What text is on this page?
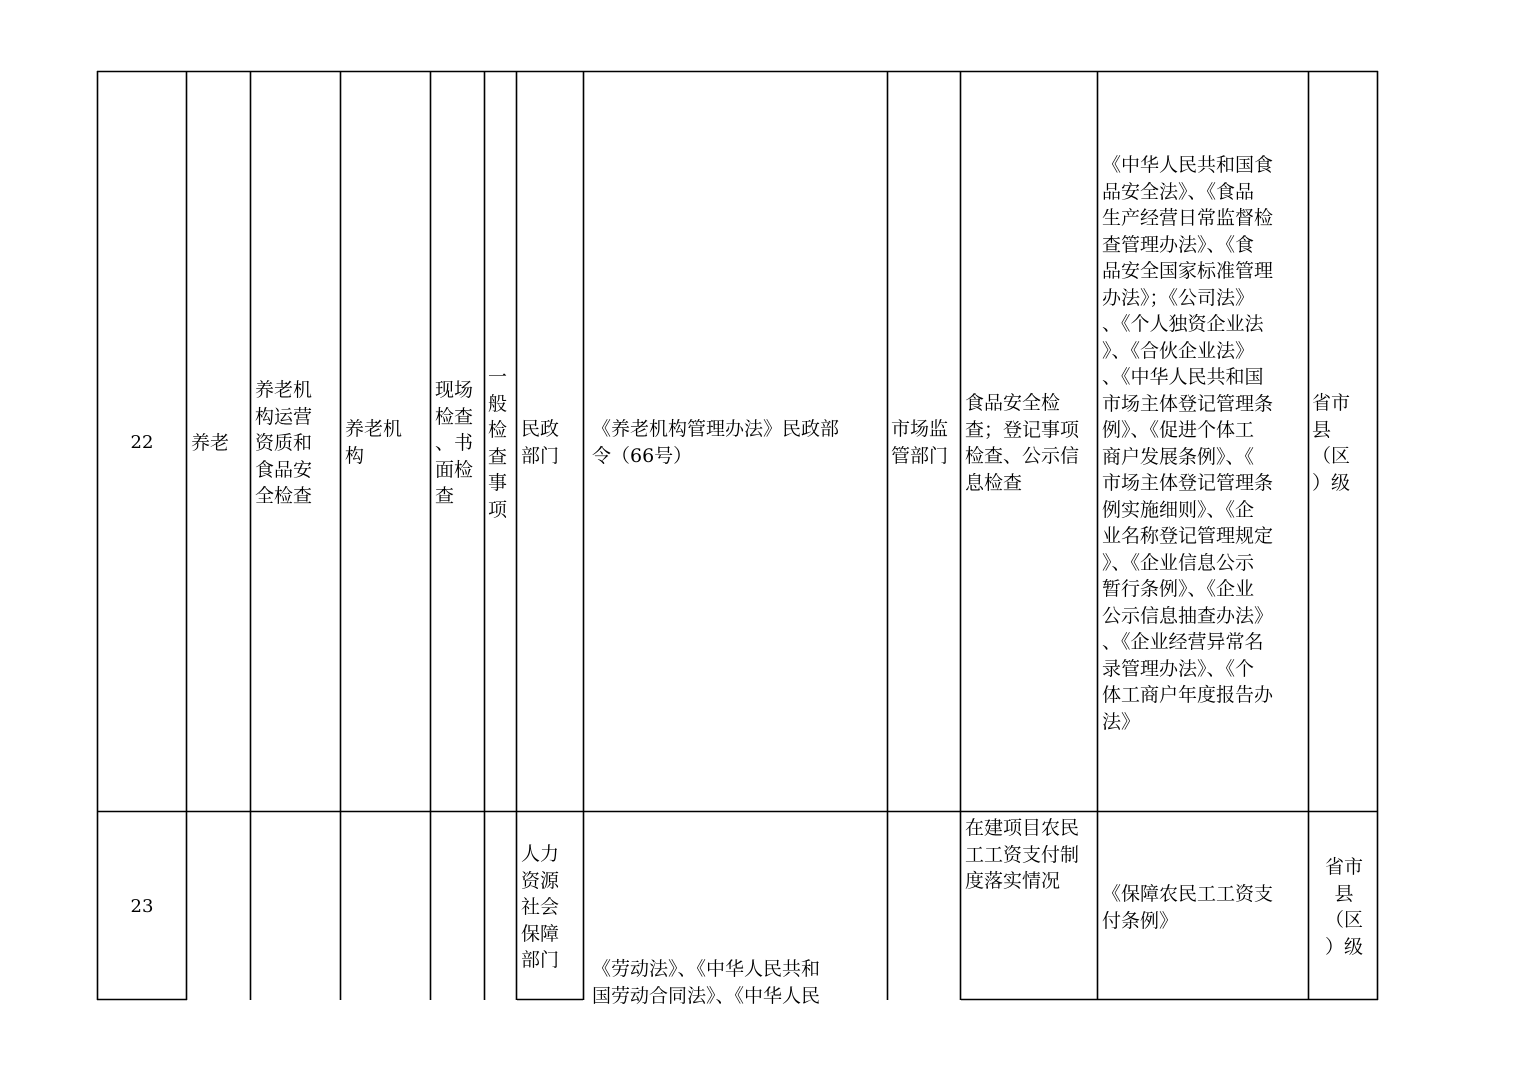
22	养老
养老机
构运营
资质和
食品安
全检查
养老机
构
现场
检查
、书
面检
查
一
般
检
查
事
项
民政
部门
《养老机构管理办法》民政部
令（66号）
市场监
管部门
食品安全检
查；登记事项
检查、公示信
息检查
《中华人民共和国食
品安全法》、《食品
生产经营日常监督检
查管理办法》、《食
品安全国家标准管理
办法》；《公司法》
、《个人独资企业法
》、《合伙企业法》
、《中华人民共和国
市场主体登记管理条
例》、《促进个体工
商户发展条例》、《
市场主体登记管理条
例实施细则》、《企
业名称登记管理规定
》、《企业信息公示
暂行条例》、《企业
公示信息抽查办法》
、《企业经营异常名
录管理办法》、《个
体工商户年度报告办
法》
省市
县
（区
）级
23
人力
资源
社会
保障
部门	《劳动法》、《中华人民共和
国劳动合同法》、《中华人民
在建项目农民
工工资支付制
度落实情况
《保障农民工工资支
付条例》
省市
县
（区
）级
